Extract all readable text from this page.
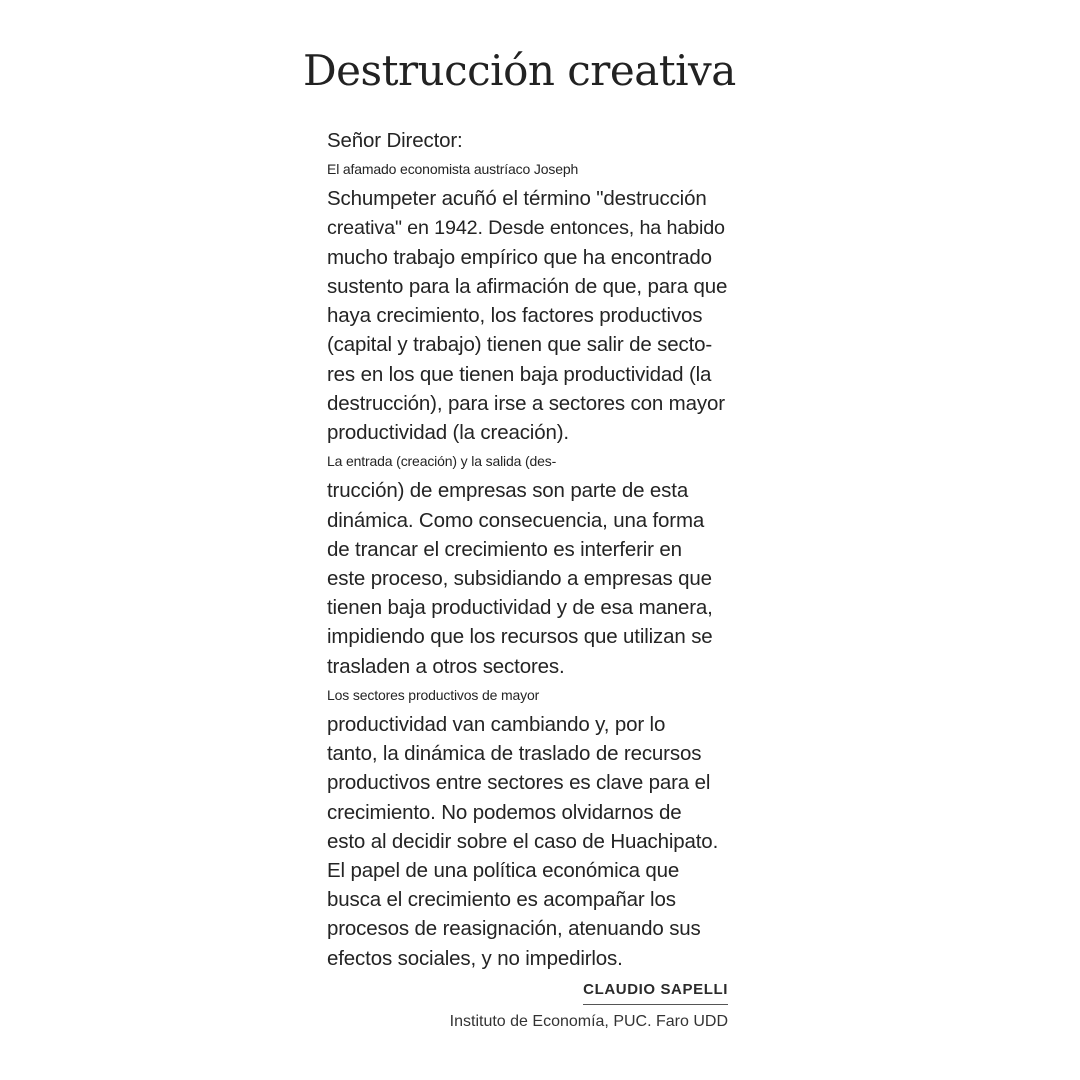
Destrucción creativa

Señor Director:

El afamado economista austríaco Joseph
Schumpeter acuñó el término "destrucción
creativa" en 1942. Desde entonces, ha habido
mucho trabajo empírico que ha encontrado
sustento para la afirmación de que, para que
haya crecimiento, los factores productivos
(capital y trabajo) tienen que salir de secto-
res en los que tienen baja productividad (la
destrucción), para irse a sectores con mayor
productividad (la creación).

La entrada (creación) y la salida (des-
trucción) de empresas son parte de esta
dinámica. Como consecuencia, una forma
de trancar el crecimiento es interferir en
este proceso, subsidiando a empresas que
tienen baja productividad y de esa manera,
impidiendo que los recursos que utilizan se
trasladen a otros sectores.

Los sectores productivos de mayor
productividad van cambiando y, por lo
tanto, la dinámica de traslado de recursos
productivos entre sectores es clave para el
crecimiento. No podemos olvidarnos de
esto al decidir sobre el caso de Huachipato.
El papel de una política económica que
busca el crecimiento es acompañar los
procesos de reasignación, atenuando sus
efectos sociales, y no impedirlos.

CLAUDIO SAPELLI
Instituto de Economía, PUC. Faro UDD
